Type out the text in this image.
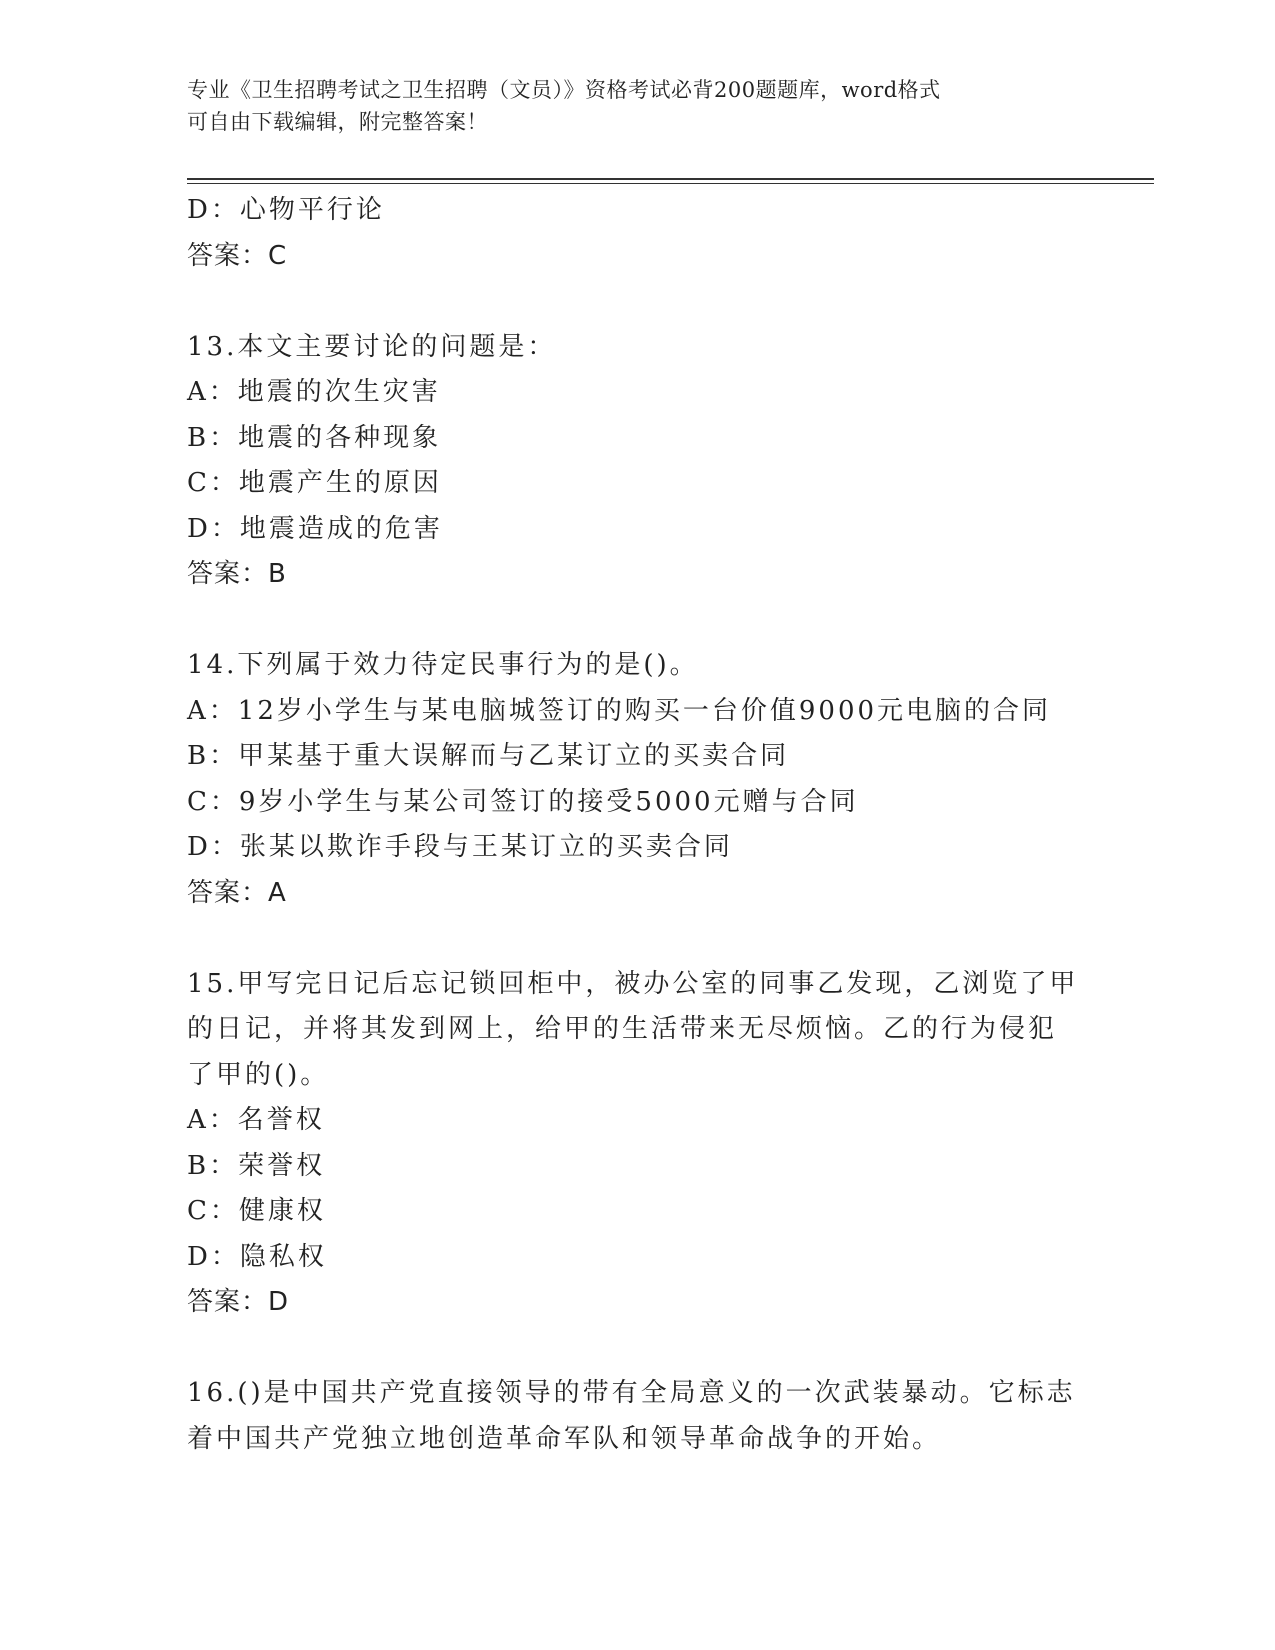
专业《卫生招聘考试之卫生招聘（文员）》资格考试必背200题题库，word格式
可自由下载编辑，附完整答案！
D：心物平行论
答案：C
13.本文主要讨论的问题是：
A：地震的次生灾害
B：地震的各种现象
C：地震产生的原因
D：地震造成的危害
答案：B
14.下列属于效力待定民事行为的是()。
A：12岁小学生与某电脑城签订的购买一台价值9000元电脑的合同
B：甲某基于重大误解而与乙某订立的买卖合同
C：9岁小学生与某公司签订的接受5000元赠与合同
D：张某以欺诈手段与王某订立的买卖合同
答案：A
15.甲写完日记后忘记锁回柜中，被办公室的同事乙发现，乙浏览了甲
的日记，并将其发到网上，给甲的生活带来无尽烦恼。乙的行为侵犯
了甲的()。
A：名誉权
B：荣誉权
C：健康权
D：隐私权
答案：D
16.()是中国共产党直接领导的带有全局意义的一次武装暴动。它标志
着中国共产党独立地创造革命军队和领导革命战争的开始。
